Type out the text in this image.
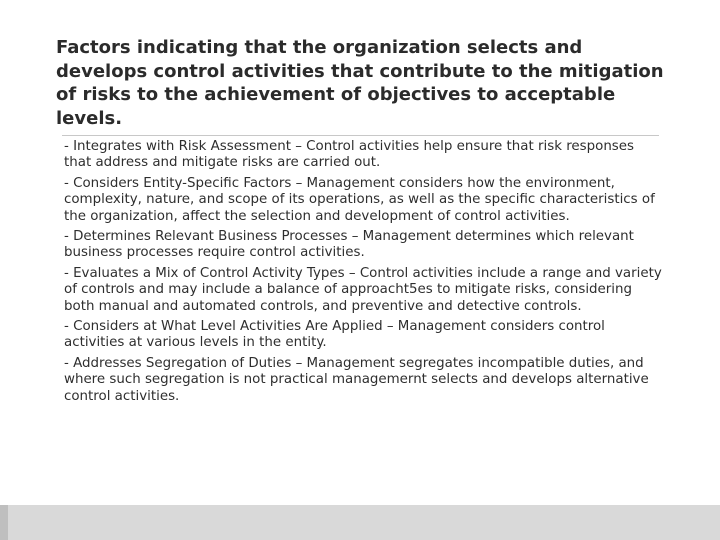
Factors indicating that the organization selects and develops control activities that contribute to the mitigation of risks to the achievement of objectives to acceptable levels.
- Integrates with Risk Assessment – Control activities help ensure that risk responses that address and mitigate risks are carried out.
- Considers Entity-Specific Factors – Management considers how the environment, complexity, nature, and scope of its operations, as well as the specific characteristics of the organization, affect the selection and development of control activities.
- Determines Relevant Business Processes – Management determines which relevant business processes require control activities.
- Evaluates a Mix of Control Activity Types – Control activities include a range and variety of controls and may include a balance of approacht5es to mitigate risks, considering both manual and automated controls, and preventive and detective controls.
- Considers at What Level Activities Are Applied – Management considers control activities at various levels in the entity.
- Addresses Segregation of Duties – Management segregates incompatible duties, and where such segregation is not practical managemernt selects and develops alternative control activities.
